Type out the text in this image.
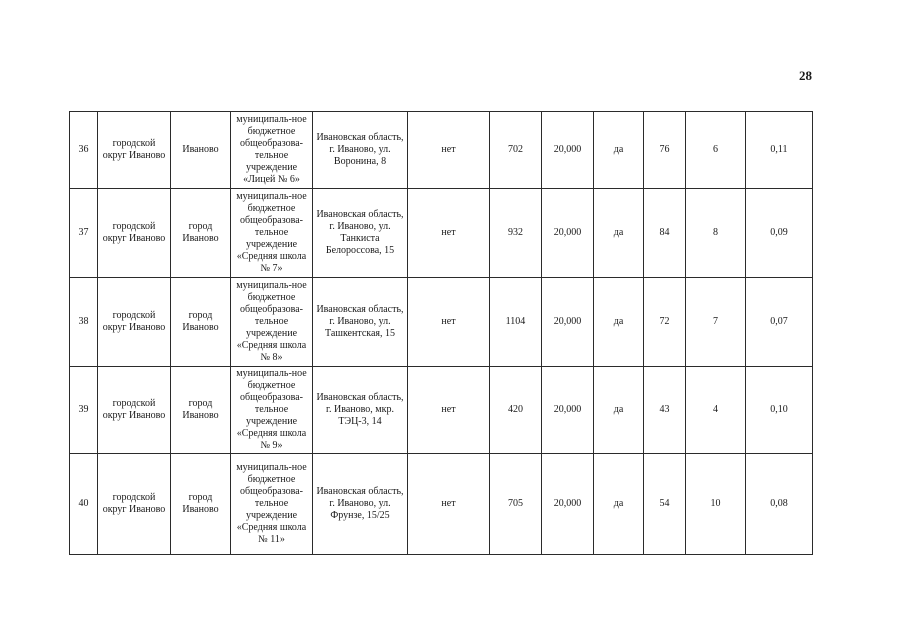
28
36	городской округ Иваново	Иваново	муниципаль-ное бюджетное общеобразова-тельное учреждение «Лицей № 6»	Ивановская область, г. Иваново, ул. Воронина, 8	нет	702	20,000	да	76	6	0,11
37	городской округ Иваново	город Иваново	муниципаль-ное бюджетное общеобразова-тельное учреждение «Средняя школа № 7»	Ивановская область, г. Иваново, ул. Танкиста Белороссова, 15	нет	932	20,000	да	84	8	0,09
38	городской округ Иваново	город Иваново	муниципаль-ное бюджетное общеобразова-тельное учреждение «Средняя школа № 8»	Ивановская область, г. Иваново, ул. Ташкентская, 15	нет	1104	20,000	да	72	7	0,07
39	городской округ Иваново	город Иваново	муниципаль-ное бюджетное общеобразова-тельное учреждение «Средняя школа № 9»	Ивановская область, г. Иваново, мкр. ТЭЦ-3, 14	нет	420	20,000	да	43	4	0,10
40	городской округ Иваново	город Иваново	муниципаль-ное бюджетное общеобразова-тельное учреждение «Средняя школа № 11»	Ивановская область, г. Иваново, ул. Фрунзе, 15/25	нет	705	20,000	да	54	10	0,08
